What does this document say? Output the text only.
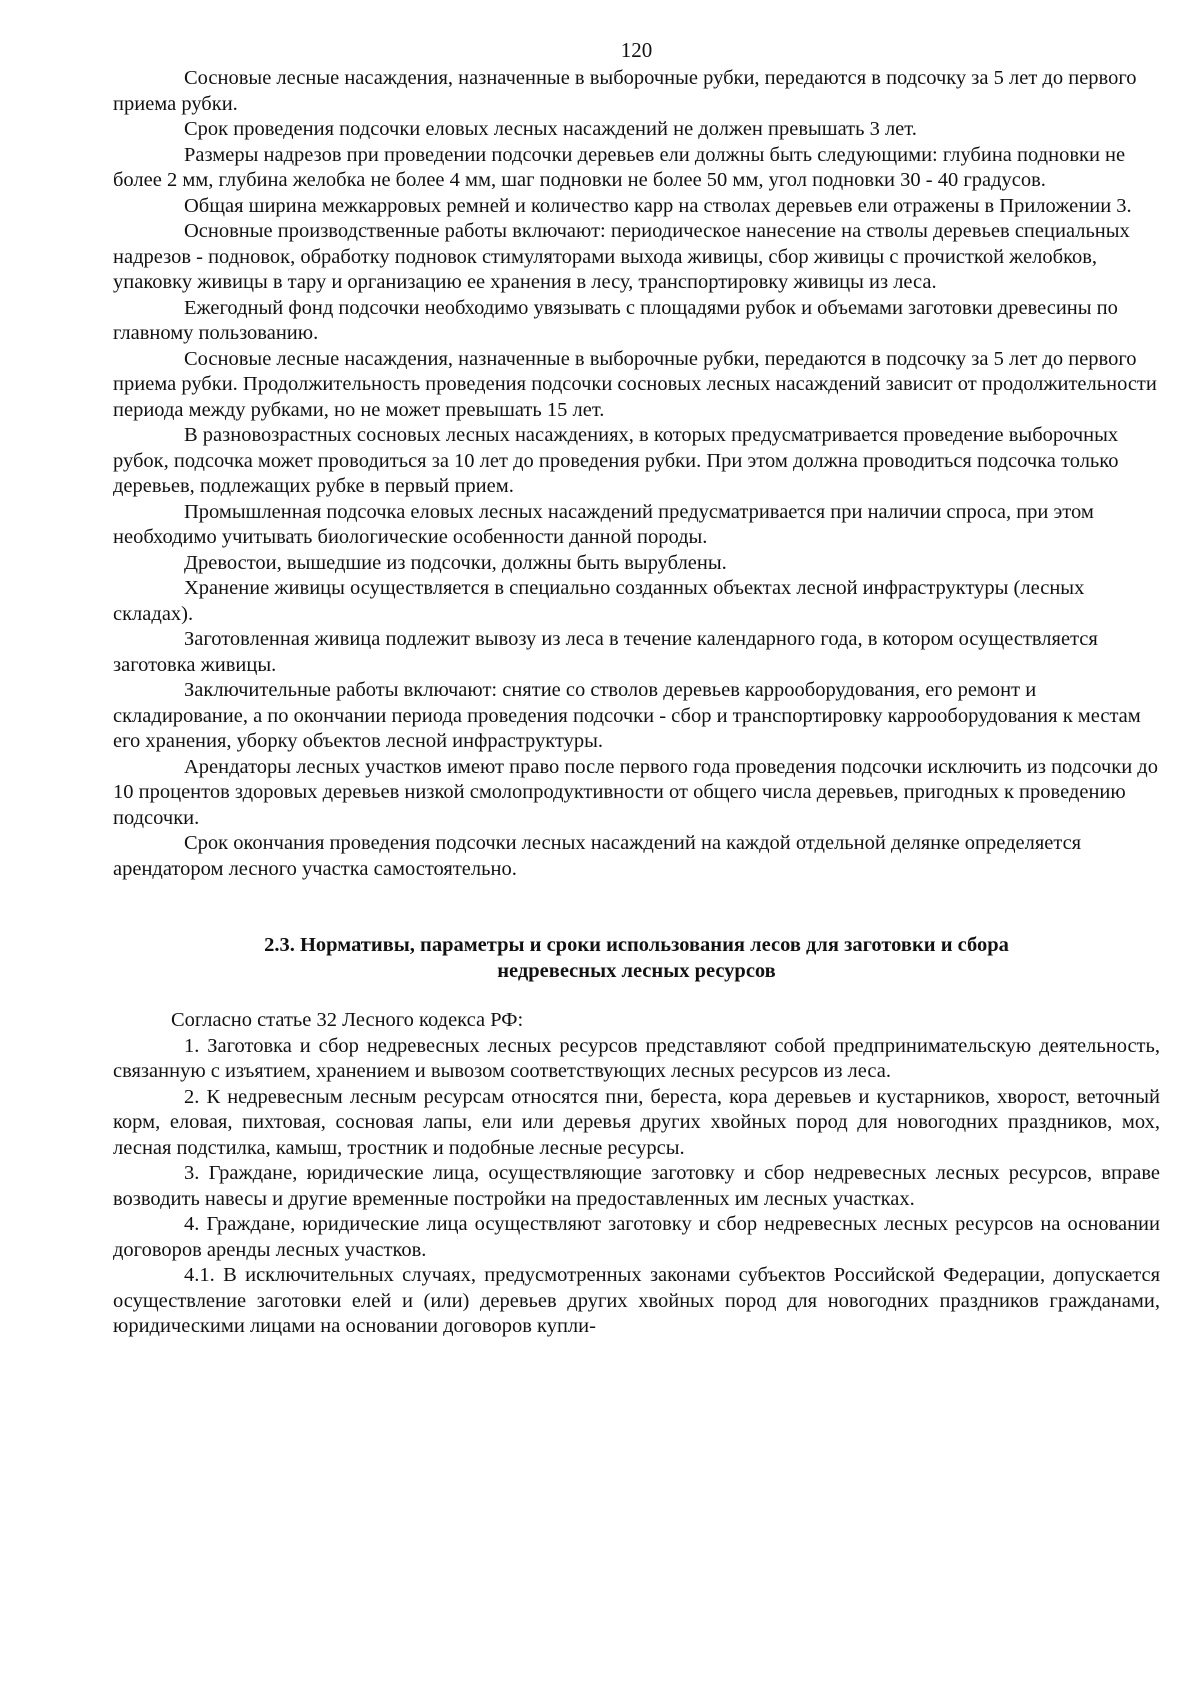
120

Сосновые лесные насаждения, назначенные в выборочные рубки, передаются в подсочку за 5 лет до первого приема рубки.

Срок проведения подсочки еловых лесных насаждений не должен превышать 3 лет.

Размеры надрезов при проведении подсочки деревьев ели должны быть следующими: глубина подновки не более 2 мм, глубина желобка не более 4 мм, шаг подновки не более 50 мм, угол подновки 30 - 40 градусов.

Общая ширина межкарровых ремней и количество карр на стволах деревьев ели отражены в Приложении 3.

Основные производственные работы включают: периодическое нанесение на стволы деревьев специальных надрезов - подновок, обработку подновок стимуляторами выхода живицы, сбор живицы с прочисткой желобков, упаковку живицы в тару и организацию ее хранения в лесу, транспортировку живицы из леса.

Ежегодный фонд подсочки необходимо увязывать с площадями рубок и объемами заготовки древесины по главному пользованию.

Сосновые лесные насаждения, назначенные в выборочные рубки, передаются в подсочку за 5 лет до первого приема рубки. Продолжительность проведения подсочки сосновых лесных насаждений зависит от продолжительности периода между рубками, но не может превышать 15 лет.

В разновозрастных сосновых лесных насаждениях, в которых предусматривается проведение выборочных рубок, подсочка может проводиться за 10 лет до проведения рубки. При этом должна проводиться подсочка только деревьев, подлежащих рубке в первый прием.

Промышленная подсочка еловых лесных насаждений предусматривается при наличии спроса, при этом необходимо учитывать биологические особенности данной породы.

Древостои, вышедшие из подсочки, должны быть вырублены.

Хранение живицы осуществляется в специально созданных объектах лесной инфраструктуры (лесных складах).

Заготовленная живица подлежит вывозу из леса в течение календарного года, в котором осуществляется заготовка живицы.

Заключительные работы включают: снятие со стволов деревьев каррооборудования, его ремонт и складирование, а по окончании периода проведения подсочки - сбор и транспортировку каррооборудования к местам его хранения, уборку объектов лесной инфраструктуры.

Арендаторы лесных участков имеют право после первого года проведения подсочки исключить из подсочки до 10 процентов здоровых деревьев низкой смолопродуктивности от общего числа деревьев, пригодных к проведению подсочки.

Срок окончания проведения подсочки лесных насаждений на каждой отдельной делянке определяется арендатором лесного участка самостоятельно.

2.3. Нормативы, параметры и сроки использования лесов для заготовки и сбора
недревесных лесных ресурсов

Согласно статье 32 Лесного кодекса РФ:

1. Заготовка и сбор недревесных лесных ресурсов представляют собой предпринимательскую деятельность, связанную с изъятием, хранением и вывозом соответствующих лесных ресурсов из леса.

2. К недревесным лесным ресурсам относятся пни, береста, кора деревьев и кустарников, хворост, веточный корм, еловая, пихтовая, сосновая лапы, ели или деревья других хвойных пород для новогодних праздников, мох, лесная подстилка, камыш, тростник и подобные лесные ресурсы.

3. Граждане, юридические лица, осуществляющие заготовку и сбор недревесных лесных ресурсов, вправе возводить навесы и другие временные постройки на предоставленных им лесных участках.

4. Граждане, юридические лица осуществляют заготовку и сбор недревесных лесных ресурсов на основании договоров аренды лесных участков.

4.1. В исключительных случаях, предусмотренных законами субъектов Российской Федерации, допускается осуществление заготовки елей и (или) деревьев других хвойных пород для новогодних праздников гражданами, юридическими лицами на основании договоров купли-
